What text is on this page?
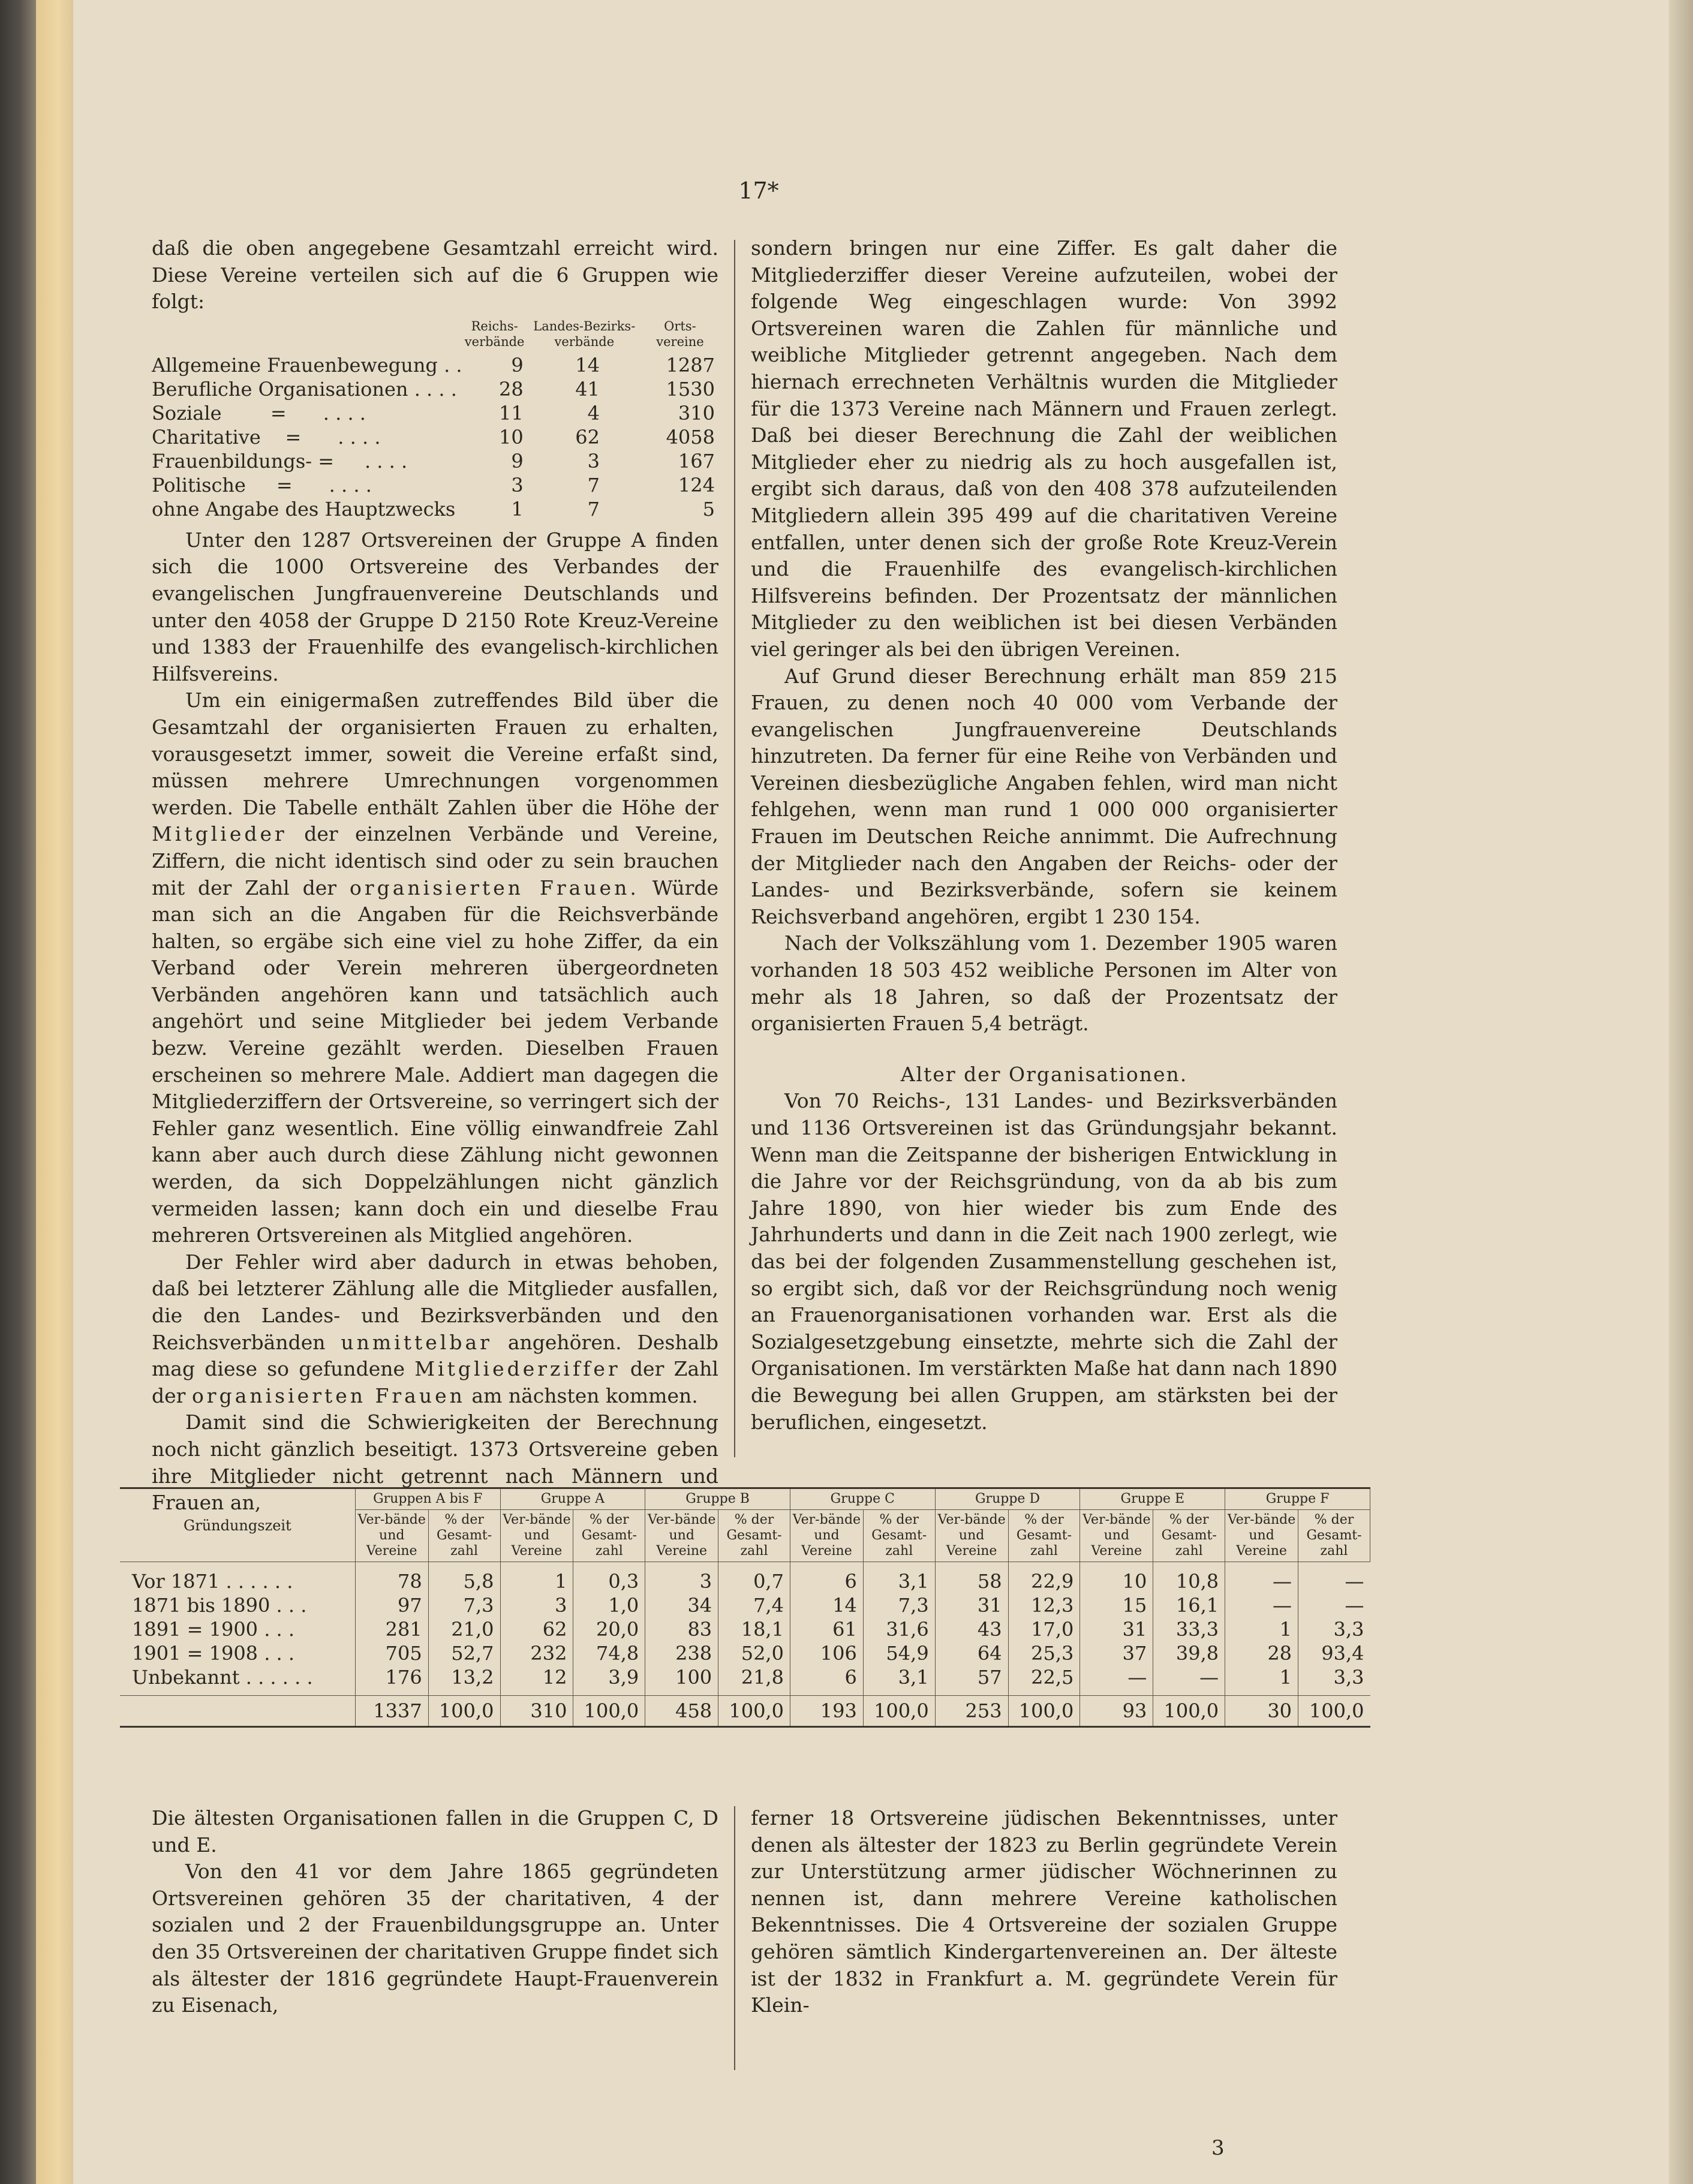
17*

daß die oben angegebene Gesamtzahl erreicht wird. Diese Vereine verteilen sich auf die 6 Gruppen wie folgt:

	Reichs-verbände	Landes-Bezirks-verbände	Orts-vereine
Allgemeine Frauenbewegung . .	9	14	1287
Berufliche Organisationen . . . .	28	41	1530
Soziale        =      . . . .	11	4	310
Charitative    =      . . . .	10	62	4058
Frauenbildungs- =     . . . .	9	3	167
Politische     =      . . . .	3	7	124
ohne Angabe des Hauptzwecks	1	7	5

Unter den 1287 Ortsvereinen der Gruppe A finden sich die 1000 Ortsvereine des Verbandes der evangelischen Jungfrauenvereine Deutschlands und unter den 4058 der Gruppe D 2150 Rote Kreuz-Vereine und 1383 der Frauenhilfe des evangelisch-kirchlichen Hilfsvereins.

Um ein einigermaßen zutreffendes Bild über die Gesamtzahl der organisierten Frauen zu erhalten, vorausgesetzt immer, soweit die Vereine erfaßt sind, müssen mehrere Umrechnungen vorgenommen werden. Die Tabelle enthält Zahlen über die Höhe der Mitglieder der einzelnen Verbände und Vereine, Ziffern, die nicht identisch sind oder zu sein brauchen mit der Zahl der organisierten Frauen. Würde man sich an die Angaben für die Reichsverbände halten, so ergäbe sich eine viel zu hohe Ziffer, da ein Verband oder Verein mehreren übergeordneten Verbänden angehören kann und tatsächlich auch angehört und seine Mitglieder bei jedem Verbande bezw. Vereine gezählt werden. Dieselben Frauen erscheinen so mehrere Male. Addiert man dagegen die Mitgliederziffern der Ortsvereine, so verringert sich der Fehler ganz wesentlich. Eine völlig einwandfreie Zahl kann aber auch durch diese Zählung nicht gewonnen werden, da sich Doppelzählungen nicht gänzlich vermeiden lassen; kann doch ein und dieselbe Frau mehreren Ortsvereinen als Mitglied angehören.

Der Fehler wird aber dadurch in etwas behoben, daß bei letzterer Zählung alle die Mitglieder ausfallen, die den Landes- und Bezirksverbänden und den Reichsverbänden unmittelbar angehören. Deshalb mag diese so gefundene Mitgliederziffer der Zahl der organisierten Frauen am nächsten kommen.

Damit sind die Schwierigkeiten der Berechnung noch nicht gänzlich beseitigt. 1373 Ortsvereine geben ihre Mitglieder nicht getrennt nach Männern und Frauen an,

sondern bringen nur eine Ziffer. Es galt daher die Mitgliederziffer dieser Vereine aufzuteilen, wobei der folgende Weg eingeschlagen wurde: Von 3992 Ortsvereinen waren die Zahlen für männliche und weibliche Mitglieder getrennt angegeben. Nach dem hiernach errechneten Verhältnis wurden die Mitglieder für die 1373 Vereine nach Männern und Frauen zerlegt. Daß bei dieser Berechnung die Zahl der weiblichen Mitglieder eher zu niedrig als zu hoch ausgefallen ist, ergibt sich daraus, daß von den 408 378 aufzuteilenden Mitgliedern allein 395 499 auf die charitativen Vereine entfallen, unter denen sich der große Rote Kreuz-Verein und die Frauenhilfe des evangelisch-kirchlichen Hilfsvereins befinden. Der Prozentsatz der männlichen Mitglieder zu den weiblichen ist bei diesen Verbänden viel geringer als bei den übrigen Vereinen.

Auf Grund dieser Berechnung erhält man 859 215 Frauen, zu denen noch 40 000 vom Verbande der evangelischen Jungfrauenvereine Deutschlands hinzutreten. Da ferner für eine Reihe von Verbänden und Vereinen diesbezügliche Angaben fehlen, wird man nicht fehlgehen, wenn man rund 1 000 000 organisierter Frauen im Deutschen Reiche annimmt. Die Aufrechnung der Mitglieder nach den Angaben der Reichs- oder der Landes- und Bezirksverbände, sofern sie keinem Reichsverband angehören, ergibt 1 230 154.

Nach der Volkszählung vom 1. Dezember 1905 waren vorhanden 18 503 452 weibliche Personen im Alter von mehr als 18 Jahren, so daß der Prozentsatz der organisierten Frauen 5,4 beträgt.

Alter der Organisationen.

Von 70 Reichs-, 131 Landes- und Bezirksverbänden und 1136 Ortsvereinen ist das Gründungsjahr bekannt. Wenn man die Zeitspanne der bisherigen Entwicklung in die Jahre vor der Reichsgründung, von da ab bis zum Jahre 1890, von hier wieder bis zum Ende des Jahrhunderts und dann in die Zeit nach 1900 zerlegt, wie das bei der folgenden Zusammenstellung geschehen ist, so ergibt sich, daß vor der Reichsgründung noch wenig an Frauenorganisationen vorhanden war. Erst als die Sozialgesetzgebung einsetzte, mehrte sich die Zahl der Organisationen. Im verstärkten Maße hat dann nach 1890 die Bewegung bei allen Gruppen, am stärksten bei der beruflichen, eingesetzt.

Gründungszeit	Gruppen A bis F		Gruppe A		Gruppe B		Gruppe C		Gruppe D		Gruppe E		Gruppe F	
	Ver-bände und Vereine	% der Gesamt-zahl	Ver-bände und Vereine	% der Gesamt-zahl	Ver-bände und Vereine	% der Gesamt-zahl	Ver-bände und Vereine	% der Gesamt-zahl	Ver-bände und Vereine	% der Gesamt-zahl	Ver-bände und Vereine	% der Gesamt-zahl	Ver-bände und Vereine	% der Gesamt-zahl
Vor 1871 . . . . . .	78	5,8	1	0,3	3	0,7	6	3,1	58	22,9	10	10,8	—	—
1871 bis 1890 . . .	97	7,3	3	1,0	34	7,4	14	7,3	31	12,3	15	16,1	—	—
1891 = 1900 . . .	281	21,0	62	20,0	83	18,1	61	31,6	43	17,0	31	33,3	1	3,3
1901 = 1908 . . .	705	52,7	232	74,8	238	52,0	106	54,9	64	25,3	37	39,8	28	93,4
Unbekannt . . . . . .	176	13,2	12	3,9	100	21,8	6	3,1	57	22,5	—	—	1	3,3
	1337	100,0	310	100,0	458	100,0	193	100,0	253	100,0	93	100,0	30	100,0

Die ältesten Organisationen fallen in die Gruppen C, D und E.

Von den 41 vor dem Jahre 1865 gegründeten Ortsvereinen gehören 35 der charitativen, 4 der sozialen und 2 der Frauenbildungsgruppe an. Unter den 35 Ortsvereinen der charitativen Gruppe findet sich als ältester der 1816 gegründete Haupt-Frauenverein zu Eisenach,

ferner 18 Ortsvereine jüdischen Bekenntnisses, unter denen als ältester der 1823 zu Berlin gegründete Verein zur Unterstützung armer jüdischer Wöchnerinnen zu nennen ist, dann mehrere Vereine katholischen Bekenntnisses. Die 4 Ortsvereine der sozialen Gruppe gehören sämtlich Kindergartenvereinen an. Der älteste ist der 1832 in Frankfurt a. M. gegründete Verein für Klein-

3
